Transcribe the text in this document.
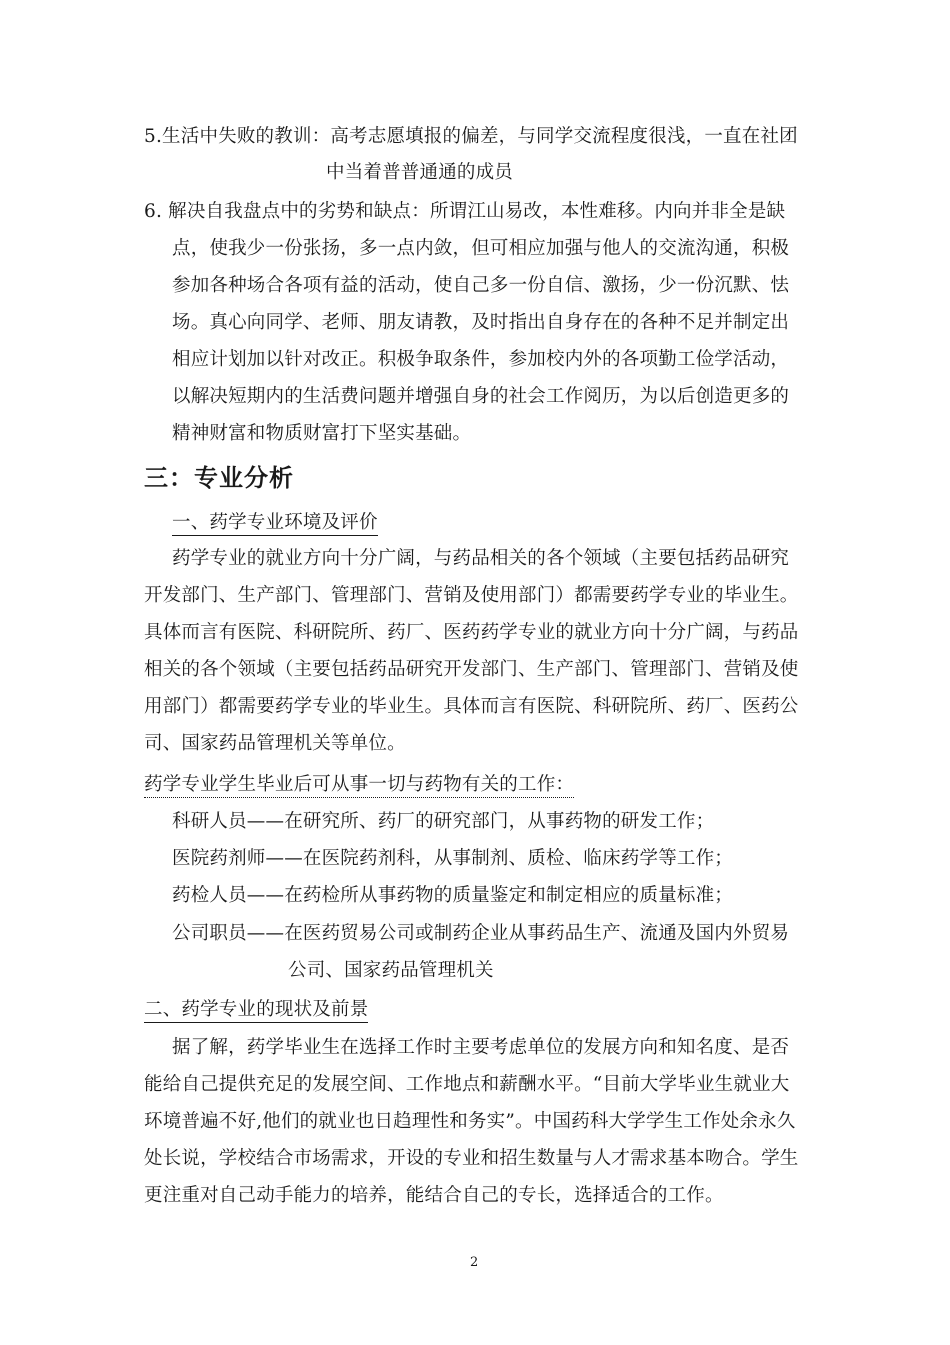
5.生活中失败的教训：高考志愿填报的偏差，与同学交流程度很浅，一直在社团
中当着普普通通的成员
6. 解决自我盘点中的劣势和缺点：所谓江山易改，本性难移。内向并非全是缺
点，使我少一份张扬，多一点内敛，但可相应加强与他人的交流沟通，积极
参加各种场合各项有益的活动，使自己多一份自信、激扬，少一份沉默、怯
场。真心向同学、老师、朋友请教，及时指出自身存在的各种不足并制定出
相应计划加以针对改正。积极争取条件，参加校内外的各项勤工俭学活动，
以解决短期内的生活费问题并增强自身的社会工作阅历，为以后创造更多的
精神财富和物质财富打下坚实基础。
三：专业分析
一、药学专业环境及评价
药学专业的就业方向十分广阔，与药品相关的各个领域（主要包括药品研究
开发部门、生产部门、管理部门、营销及使用部门）都需要药学专业的毕业生。
具体而言有医院、科研院所、药厂、医药药学专业的就业方向十分广阔，与药品
相关的各个领域（主要包括药品研究开发部门、生产部门、管理部门、营销及使
用部门）都需要药学专业的毕业生。具体而言有医院、科研院所、药厂、医药公
司、国家药品管理机关等单位。
药学专业学生毕业后可从事一切与药物有关的工作：
科研人员——在研究所、药厂的研究部门，从事药物的研发工作；
医院药剂师——在医院药剂科，从事制剂、质检、临床药学等工作；
药检人员——在药检所从事药物的质量鉴定和制定相应的质量标准；
公司职员——在医药贸易公司或制药企业从事药品生产、流通及国内外贸易
公司、国家药品管理机关
二、药学专业的现状及前景
据了解，药学毕业生在选择工作时主要考虑单位的发展方向和知名度、是否
能给自己提供充足的发展空间、工作地点和薪酬水平。“目前大学毕业生就业大
环境普遍不好,他们的就业也日趋理性和务实”。中国药科大学学生工作处余永久
处长说，学校结合市场需求，开设的专业和招生数量与人才需求基本吻合。学生
更注重对自己动手能力的培养，能结合自己的专长，选择适合的工作。
2
